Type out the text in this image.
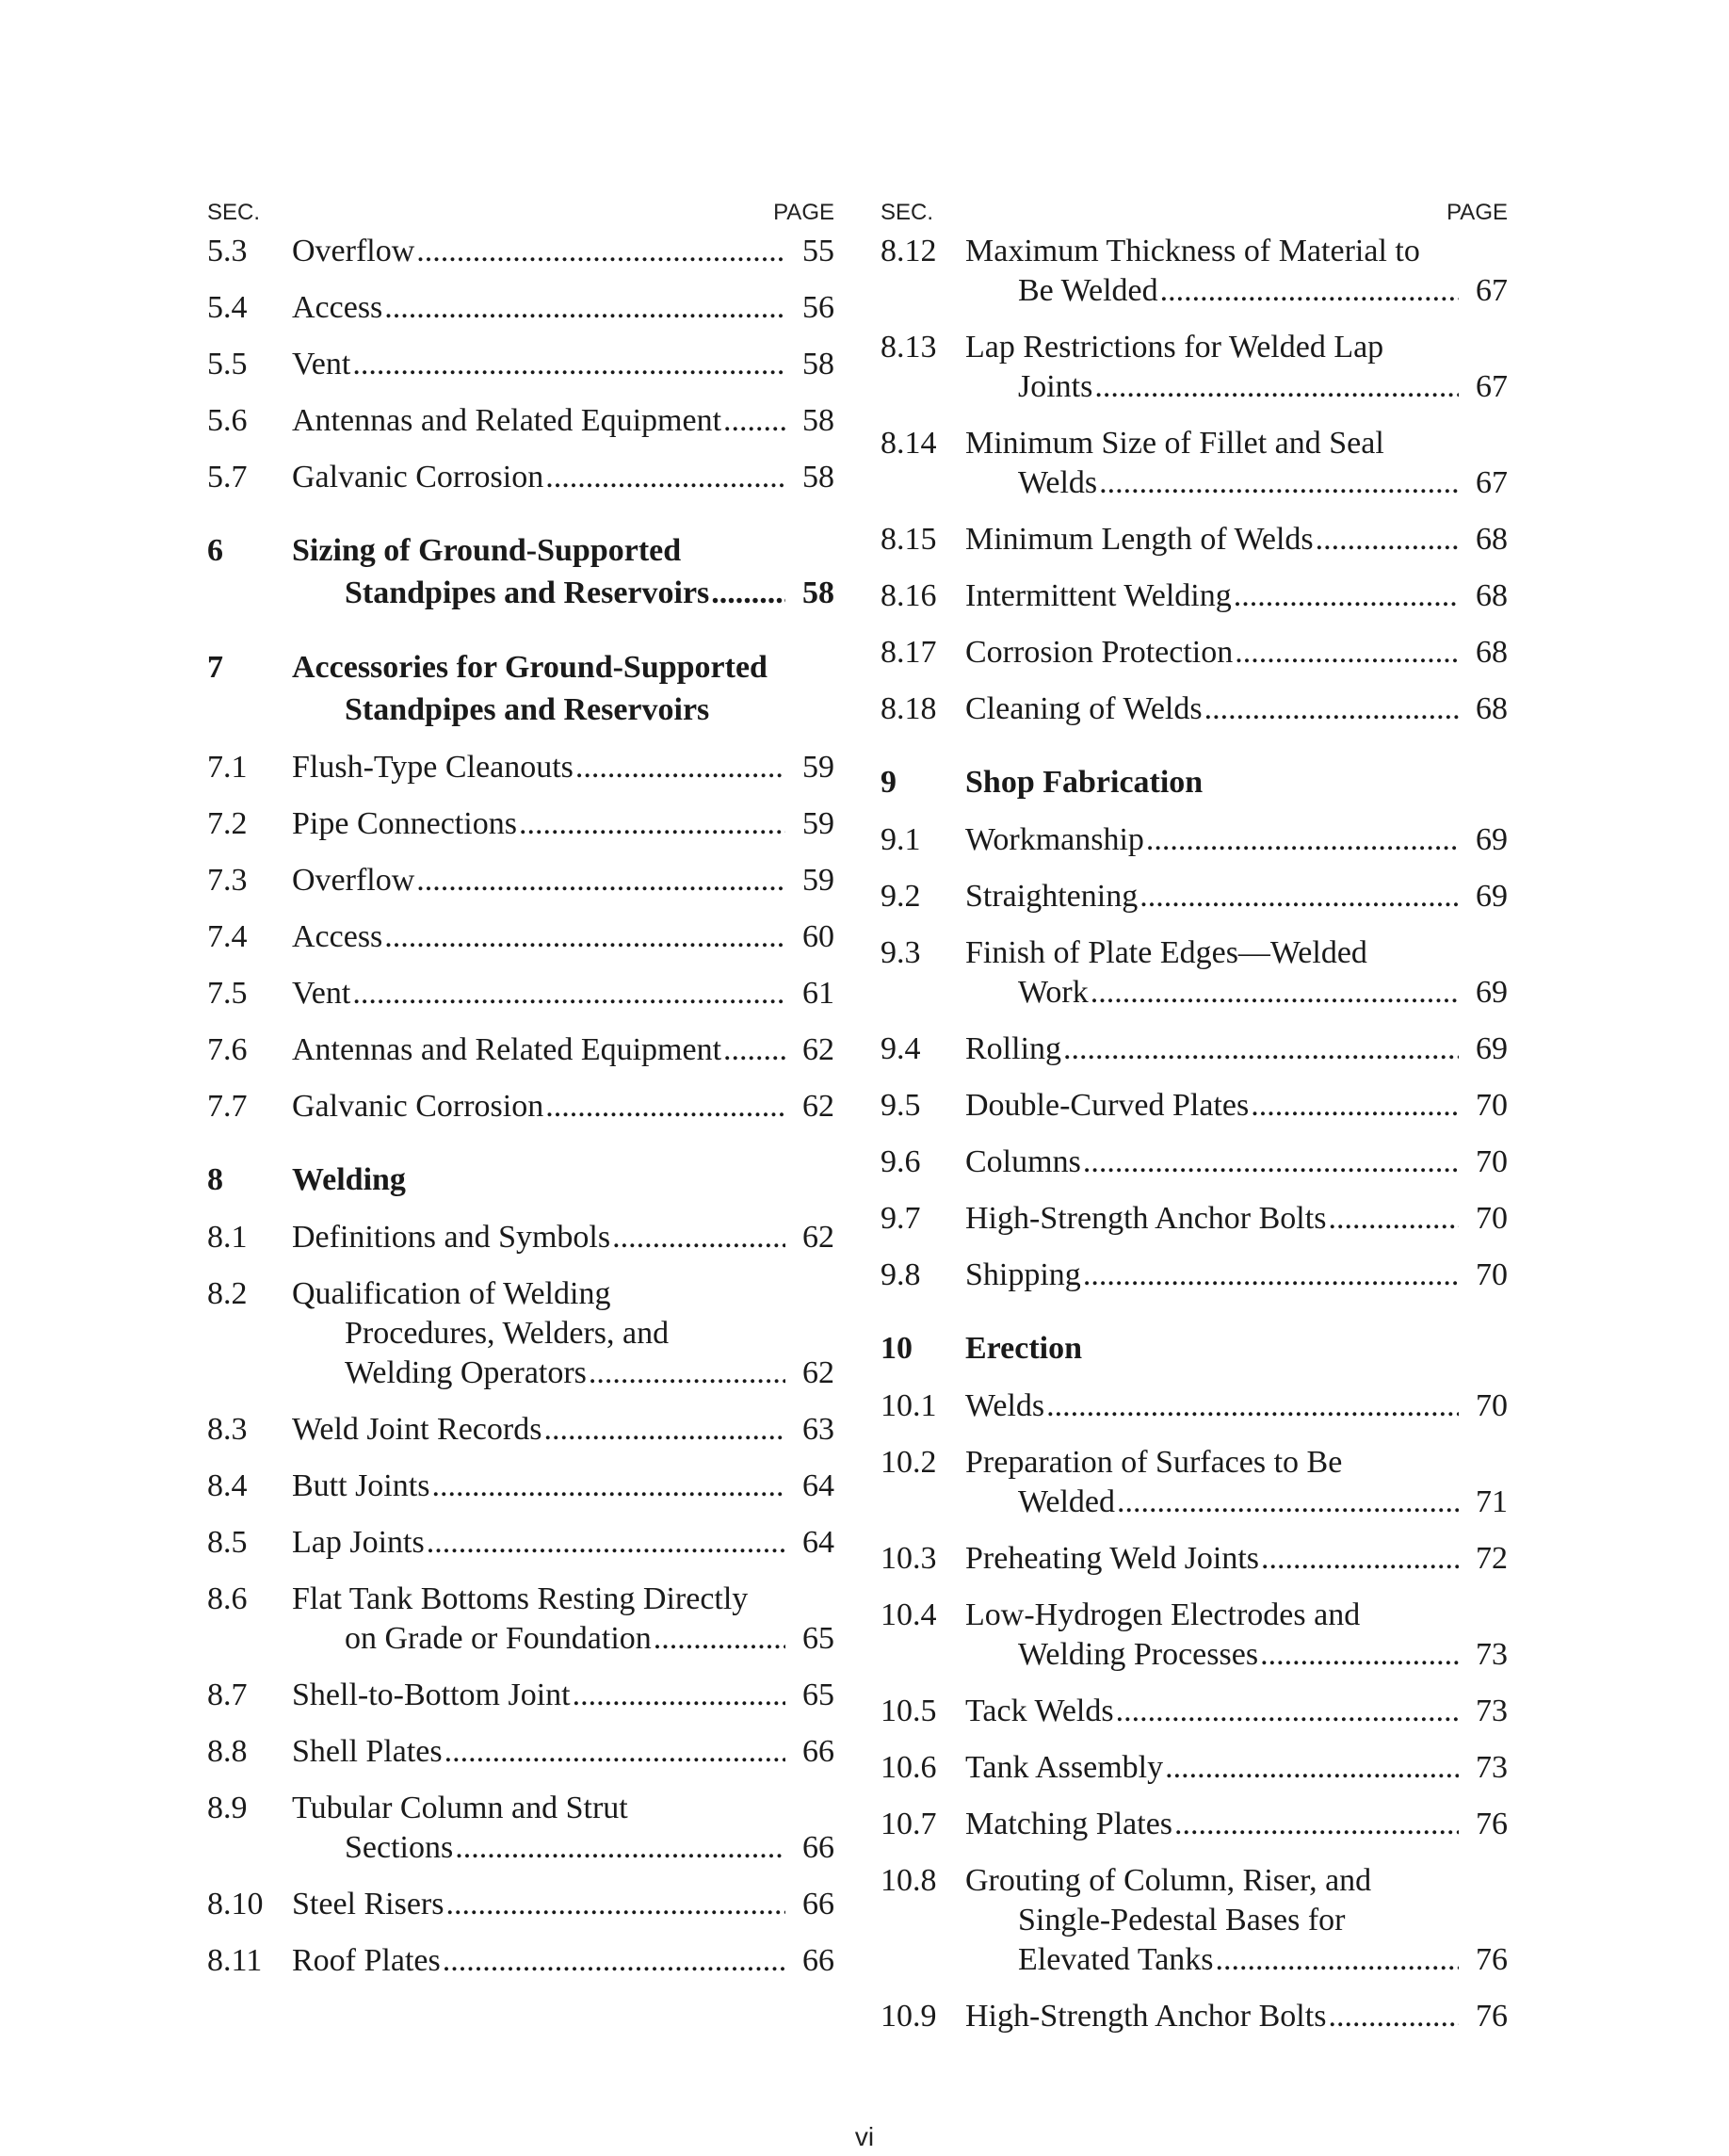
SEC.	PAGE
5.3 Overflow .....	55
5.4 Access .....	56
5.5 Vent .....	58
5.6 Antennas and Related Equipment .....	58
5.7 Galvanic Corrosion .....	58
6 Sizing of Ground-Supported
Standpipes and Reservoirs .....	58
7 Accessories for Ground-Supported
Standpipes and Reservoirs
7.1 Flush-Type Cleanouts .....	59
7.2 Pipe Connections .....	59
7.3 Overflow .....	59
7.4 Access .....	60
7.5 Vent .....	61
7.6 Antennas and Related Equipment .....	62
7.7 Galvanic Corrosion .....	62
8 Welding
8.1 Definitions and Symbols .....	62
8.2 Qualification of Welding
Procedures, Welders, and
Welding Operators .....	62
8.3 Weld Joint Records .....	63
8.4 Butt Joints .....	64
8.5 Lap Joints .....	64
8.6 Flat Tank Bottoms Resting Directly
on Grade or Foundation .....	65
8.7 Shell-to-Bottom Joint .....	65
8.8 Shell Plates .....	66
8.9 Tubular Column and Strut
Sections .....	66
8.10 Steel Risers .....	66
8.11 Roof Plates .....	66
SEC.	PAGE
8.12 Maximum Thickness of Material to
Be Welded .....	67
8.13 Lap Restrictions for Welded Lap
Joints .....	67
8.14 Minimum Size of Fillet and Seal
Welds .....	67
8.15 Minimum Length of Welds .....	68
8.16 Intermittent Welding .....	68
8.17 Corrosion Protection .....	68
8.18 Cleaning of Welds .....	68
9 Shop Fabrication
9.1 Workmanship .....	69
9.2 Straightening .....	69
9.3 Finish of Plate Edges—Welded
Work .....	69
9.4 Rolling .....	69
9.5 Double-Curved Plates .....	70
9.6 Columns .....	70
9.7 High-Strength Anchor Bolts .....	70
9.8 Shipping .....	70
10 Erection
10.1 Welds .....	70
10.2 Preparation of Surfaces to Be
Welded .....	71
10.3 Preheating Weld Joints .....	72
10.4 Low-Hydrogen Electrodes and
Welding Processes .....	73
10.5 Tack Welds .....	73
10.6 Tank Assembly .....	73
10.7 Matching Plates .....	76
10.8 Grouting of Column, Riser, and
Single-Pedestal Bases for
Elevated Tanks .....	76
10.9 High-Strength Anchor Bolts .....	76
vi
